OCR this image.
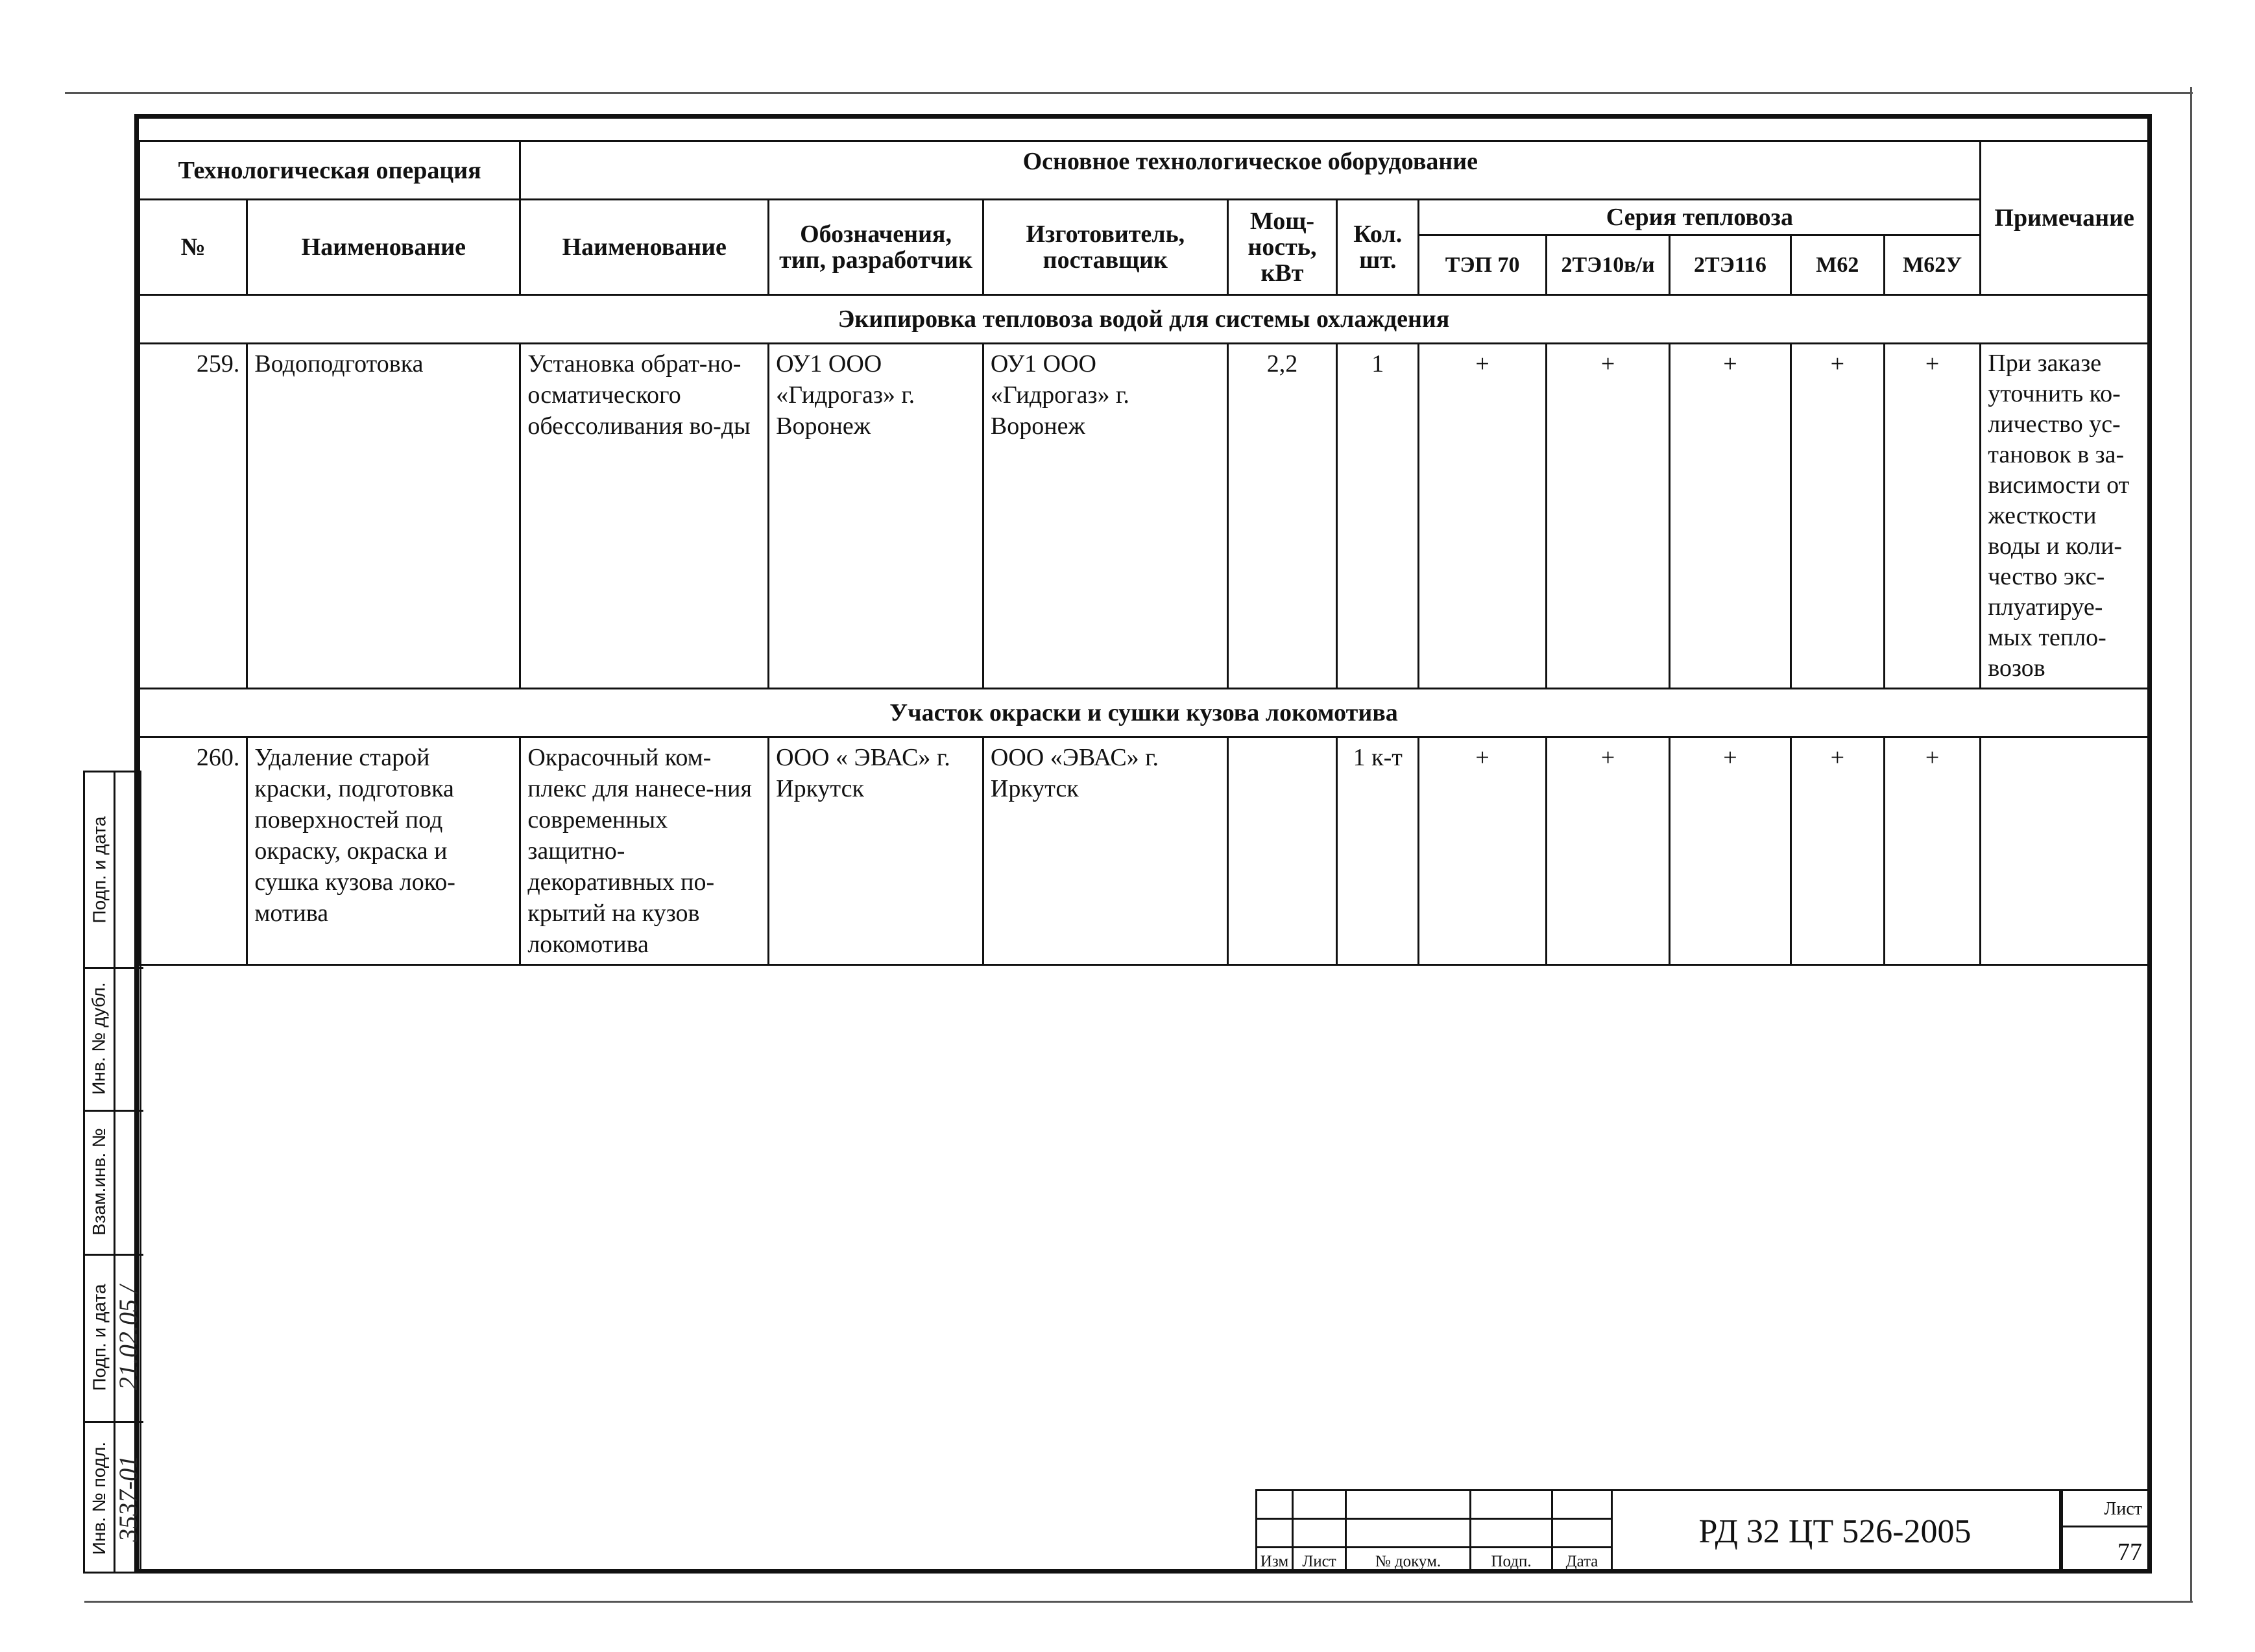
Технологическая операция		Основное технологическое оборудование										Примечание
№	Наименование	Наименование	Обозначения, тип, разработчик	Изготовитель, поставщик	Мощ-ность, кВт	Кол. шт.	Серия тепловоза					
							ТЭП 70	2ТЭ10в/и	2ТЭ116	М62	М62У	
Экипировка тепловоза водой для системы охлаждения												
259.	Водоподготовка	Установка обрат-но-осматического обессоливания во-ды	ОУ1 ООО «Гидрогаз» г. Воронеж	ОУ1 ООО «Гидрогаз» г. Воронеж	2,2	1	+	+	+	+	+	При заказе уточнить ко-личество ус-тановок в за-висимости от жесткости воды и коли-чество экс-плуатируе-мых тепло-возов
Участок окраски и сушки кузова локомотива												
260.	Удаление старой краски, подготовка поверхностей под окраску, окраска и сушка кузова локо-мотива	Окрасочный ком-плекс для нанесе-ния современных защитно-декоративных по-крытий на кузов локомотива	ООО « ЭВАС» г. Иркутск	ООО «ЭВАС» г. Иркутск		1 к-т	+	+	+	+	+	
Подп. и дата
Инв. № дубл.
Взам.инв. №
Подп. и дата
Инв. № подл.
21.02.05 /
3537-01

Изм	Лист	№ докум.	Подп.	Дата
РД 32 ЦТ 526-2005
Лист
77
